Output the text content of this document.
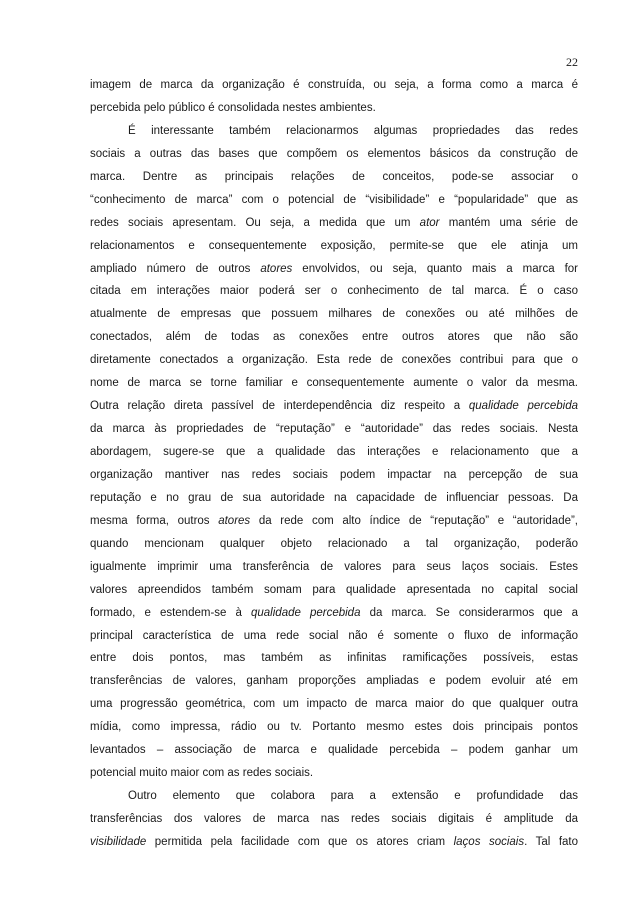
22
imagem de marca da organização é construída, ou seja, a forma como a marca é
percebida pelo público é consolidada nestes ambientes.
É interessante também relacionarmos algumas propriedades das redes
sociais a outras das bases que compõem os elementos básicos da construção de
marca. Dentre as principais relações de conceitos, pode-se associar o
“conhecimento de marca” com o potencial de “visibilidade” e “popularidade” que as
redes sociais apresentam. Ou seja, a medida que um ator mantém uma série de
relacionamentos e consequentemente exposição, permite-se que ele atinja um
ampliado número de outros atores envolvidos, ou seja, quanto mais a marca for
citada em interações maior poderá ser o conhecimento de tal marca. É o caso
atualmente de empresas que possuem milhares de conexões ou até milhões de
conectados, além de todas as conexões entre outros atores que não são
diretamente conectados a organização. Esta rede de conexões contribui para que o
nome de marca se torne familiar e consequentemente aumente o valor da mesma.
Outra relação direta passível de interdependência diz respeito a qualidade percebida
da marca às propriedades de “reputação” e “autoridade” das redes sociais. Nesta
abordagem, sugere-se que a qualidade das interações e relacionamento que a
organização mantiver nas redes sociais podem impactar na percepção de sua
reputação e no grau de sua autoridade na capacidade de influenciar pessoas. Da
mesma forma, outros atores da rede com alto índice de “reputação” e “autoridade”,
quando mencionam qualquer objeto relacionado a tal organização, poderão
igualmente imprimir uma transferência de valores para seus laços sociais. Estes
valores apreendidos também somam para qualidade apresentada no capital social
formado, e estendem-se à qualidade percebida da marca. Se considerarmos que a
principal característica de uma rede social não é somente o fluxo de informação
entre dois pontos, mas também as infinitas ramificações possíveis, estas
transferências de valores, ganham proporções ampliadas e podem evoluir até em
uma progressão geométrica, com um impacto de marca maior do que qualquer outra
mídia, como impressa, rádio ou tv. Portanto mesmo estes dois principais pontos
levantados – associação de marca e qualidade percebida – podem ganhar um
potencial muito maior com as redes sociais.
Outro elemento que colabora para a extensão e profundidade das
transferências dos valores de marca nas redes sociais digitais é amplitude da
visibilidade permitida pela facilidade com que os atores criam laços sociais. Tal fato
